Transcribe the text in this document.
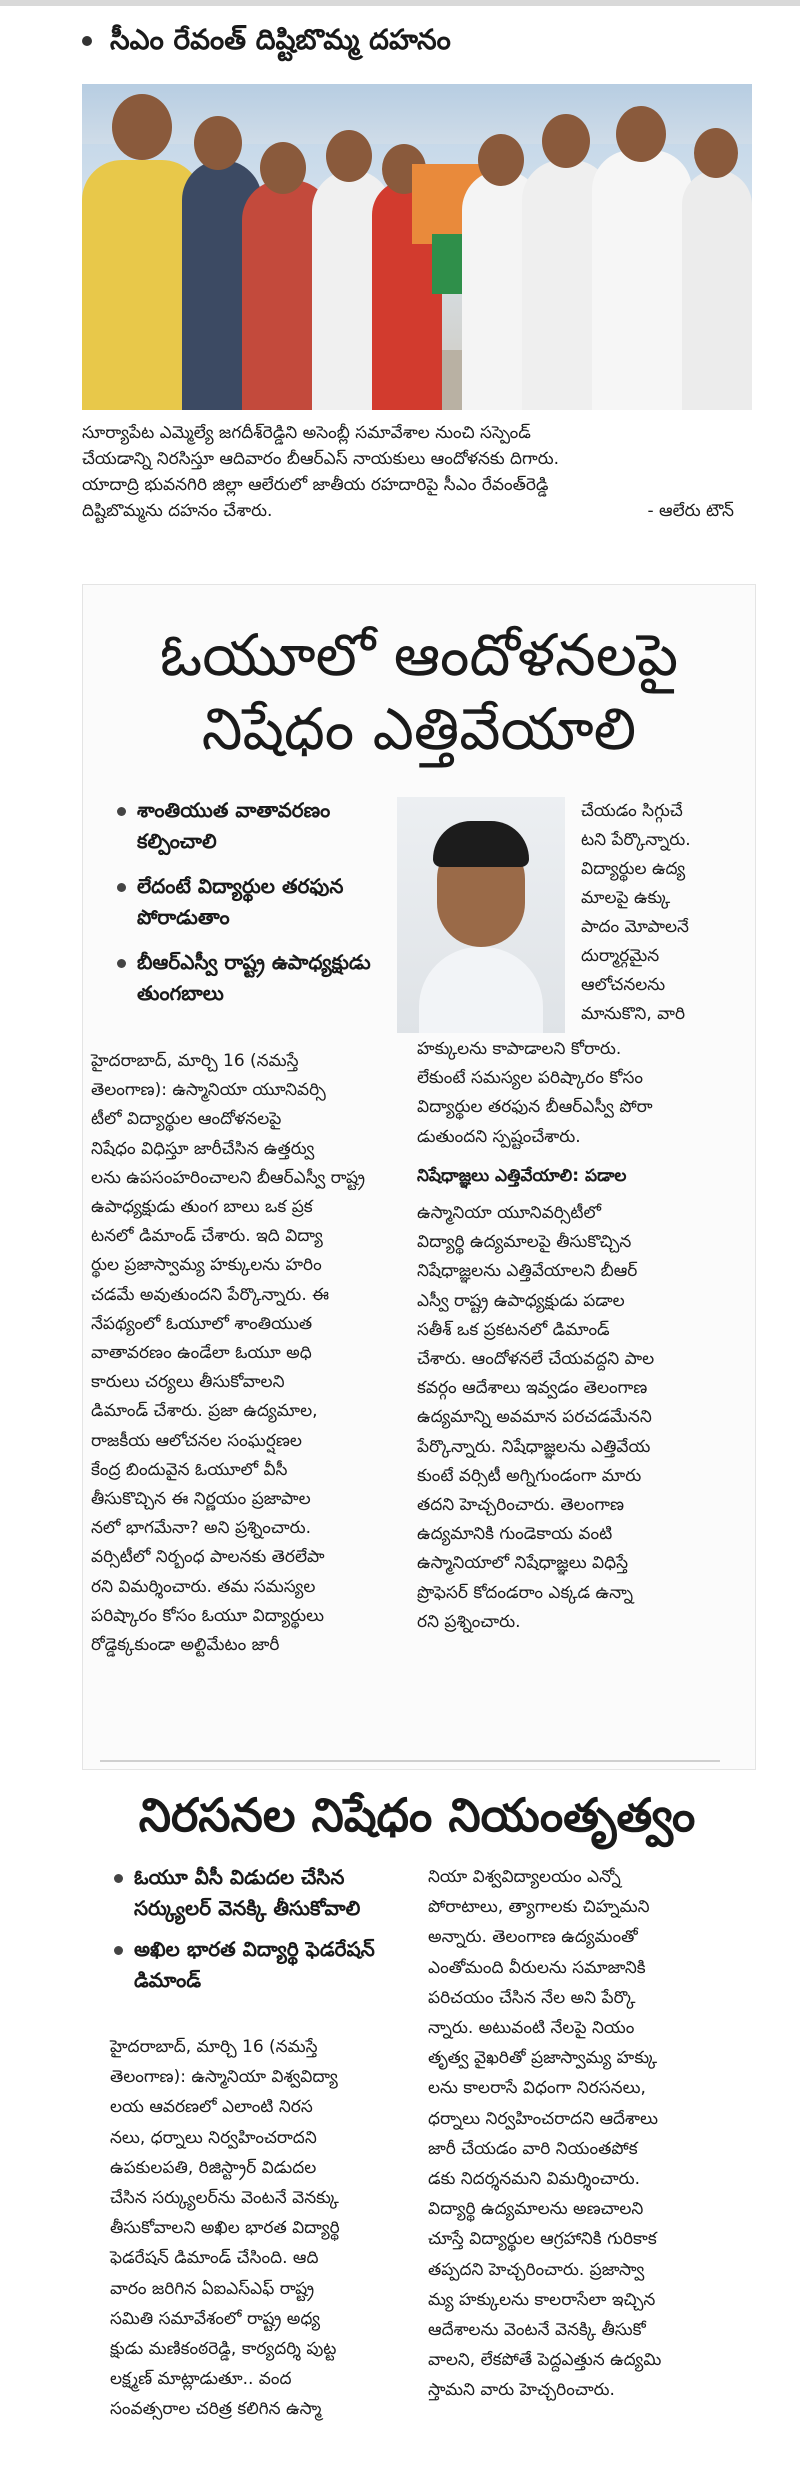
సీఎం రేవంత్ దిష్టిబొమ్మ దహనం

సూర్యాపేట ఎమ్మెల్యే జగదీశ్‌రెడ్డిని అసెంబ్లీ సమావేశాల నుంచి సస్పెండ్

చేయడాన్ని నిరసిస్తూ ఆదివారం బీఆర్ఎస్ నాయకులు ఆందోళనకు దిగారు.

యాదాద్రి భువనగిరి జిల్లా ఆలేరులో జాతీయ రహదారిపై సీఎం రేవంత్‌రెడ్డి

దిష్టిబొమ్మను దహనం చేశారు.	- ఆలేరు టౌన్
ఓయూలో ఆందోళనలపై
నిషేధం ఎత్తివేయాలి
శాంతియుత వాతావరణం కల్పించాలి
లేదంటే విద్యార్థుల తరఫున పోరాడుతాం
బీఆర్ఎస్వీ రాష్ట్ర ఉపాధ్యక్షుడు తుంగబాలు

చేయడం సిగ్గుచే

టని పేర్కొన్నారు.

విద్యార్థుల ఉద్య

మాలపై ఉక్కు

పాదం మోపాలనే

దుర్మార్గమైన

ఆలోచనలను

మానుకొని, వారి

హైదరాబాద్, మార్చి 16 (నమస్తే

తెలంగాణ): ఉస్మానియా యూనివర్సి

టీలో విద్యార్థుల ఆందోళనలపై

నిషేధం విధిస్తూ జారీచేసిన ఉత్తర్వు

లను ఉపసంహరించాలని బీఆర్ఎస్వీ రాష్ట్ర

ఉపాధ్యక్షుడు తుంగ బాలు ఒక ప్రక

టనలో డిమాండ్ చేశారు. ఇది విద్యా

ర్థుల ప్రజాస్వామ్య హక్కులను హరిం

చడమే అవుతుందని పేర్కొన్నారు. ఈ

నేపథ్యంలో ఓయూలో శాంతియుత

వాతావరణం ఉండేలా ఓయూ అధి

కారులు చర్యలు తీసుకోవాలని

డిమాండ్ చేశారు. ప్రజా ఉద్యమాల,

రాజకీయ ఆలోచనల సంఘర్షణల

కేంద్ర బిందువైన ఓయూలో వీసీ

తీసుకొచ్చిన ఈ నిర్ణయం ప్రజాపాల

నలో భాగమేనా? అని ప్రశ్నించారు.

వర్సిటీలో నిర్బంధ పాలనకు తెరలేపా

రని విమర్శించారు. తమ సమస్యల

పరిష్కారం కోసం ఓయూ విద్యార్థులు

రోడ్డెక్కకుండా అల్టిమేటం జారీ

హక్కులను కాపాడాలని కోరారు.

లేకుంటే సమస్యల పరిష్కారం కోసం

విద్యార్థుల తరఫున బీఆర్ఎస్వీ పోరా

డుతుందని స్పష్టంచేశారు.

నిషేధాజ్ఞలు ఎత్తివేయాలి: పడాల

ఉస్మానియా యూనివర్సిటీలో

విద్యార్థి ఉద్యమాలపై తీసుకొచ్చిన

నిషేధాజ్ఞలను ఎత్తివేయాలని బీఆర్

ఎస్వీ రాష్ట్ర ఉపాధ్యక్షుడు పడాల

సతీశ్ ఒక ప్రకటనలో డిమాండ్

చేశారు. ఆందోళనలే చేయవద్దని పాల

కవర్గం ఆదేశాలు ఇవ్వడం తెలంగాణ

ఉద్యమాన్ని అవమాన పరచడమేనని

పేర్కొన్నారు. నిషేధాజ్ఞలను ఎత్తివేయ

కుంటే వర్సిటీ అగ్నిగుండంగా మారు

తదని హెచ్చరించారు. తెలంగాణ

ఉద్యమానికి గుండెకాయ వంటి

ఉస్మానియాలో నిషేధాజ్ఞలు విధిస్తే

ప్రొఫెసర్ కోదండరాం ఎక్కడ ఉన్నా

రని ప్రశ్నించారు.

నిరసనల నిషేధం నియంతృత్వం
ఓయూ వీసీ విడుదల చేసిన సర్క్యులర్ వెనక్కి తీసుకోవాలి
అఖిల భారత విద్యార్థి ఫెడరేషన్ డిమాండ్

హైదరాబాద్, మార్చి 16 (నమస్తే

తెలంగాణ): ఉస్మానియా విశ్వవిద్యా

లయ ఆవరణలో ఎలాంటి నిరస

నలు, ధర్నాలు నిర్వహించరాదని

ఉపకులపతి, రిజిస్ట్రార్ విడుదల

చేసిన సర్క్యులర్‌ను వెంటనే వెనక్కు

తీసుకోవాలని అఖిల భారత విద్యార్థి

ఫెడరేషన్ డిమాండ్ చేసింది. ఆది

వారం జరిగిన ఏఐఎస్ఎఫ్ రాష్ట్ర

సమితి సమావేశంలో రాష్ట్ర అధ్య

క్షుడు మణికంఠరెడ్డి, కార్యదర్శి పుట్ట

లక్ష్మణ్ మాట్లాడుతూ.. వంద

సంవత్సరాల చరిత్ర కలిగిన ఉస్మా

నియా విశ్వవిద్యాలయం ఎన్నో

పోరాటాలు, త్యాగాలకు చిహ్నమని

అన్నారు. తెలంగాణ ఉద్యమంతో

ఎంతోమంది వీరులను సమాజానికి

పరిచయం చేసిన నేల అని పేర్కొ

న్నారు. అటువంటి నేలపై నియం

తృత్వ వైఖరితో ప్రజాస్వామ్య హక్కు

లను కాలరాసే విధంగా నిరసనలు,

ధర్నాలు నిర్వహించరాదని ఆదేశాలు

జారీ చేయడం వారి నియంతపోక

డకు నిదర్శనమని విమర్శించారు.

విద్యార్థి ఉద్యమాలను అణచాలని

చూస్తే విద్యార్థుల ఆగ్రహానికి గురికాక

తప్పదని హెచ్చరించారు. ప్రజాస్వా

మ్య హక్కులను కాలరాసేలా ఇచ్చిన

ఆదేశాలను వెంటనే వెనక్కి తీసుకో

వాలని, లేకపోతే పెద్దఎత్తున ఉద్యమి

స్తామని వారు హెచ్చరించారు.
